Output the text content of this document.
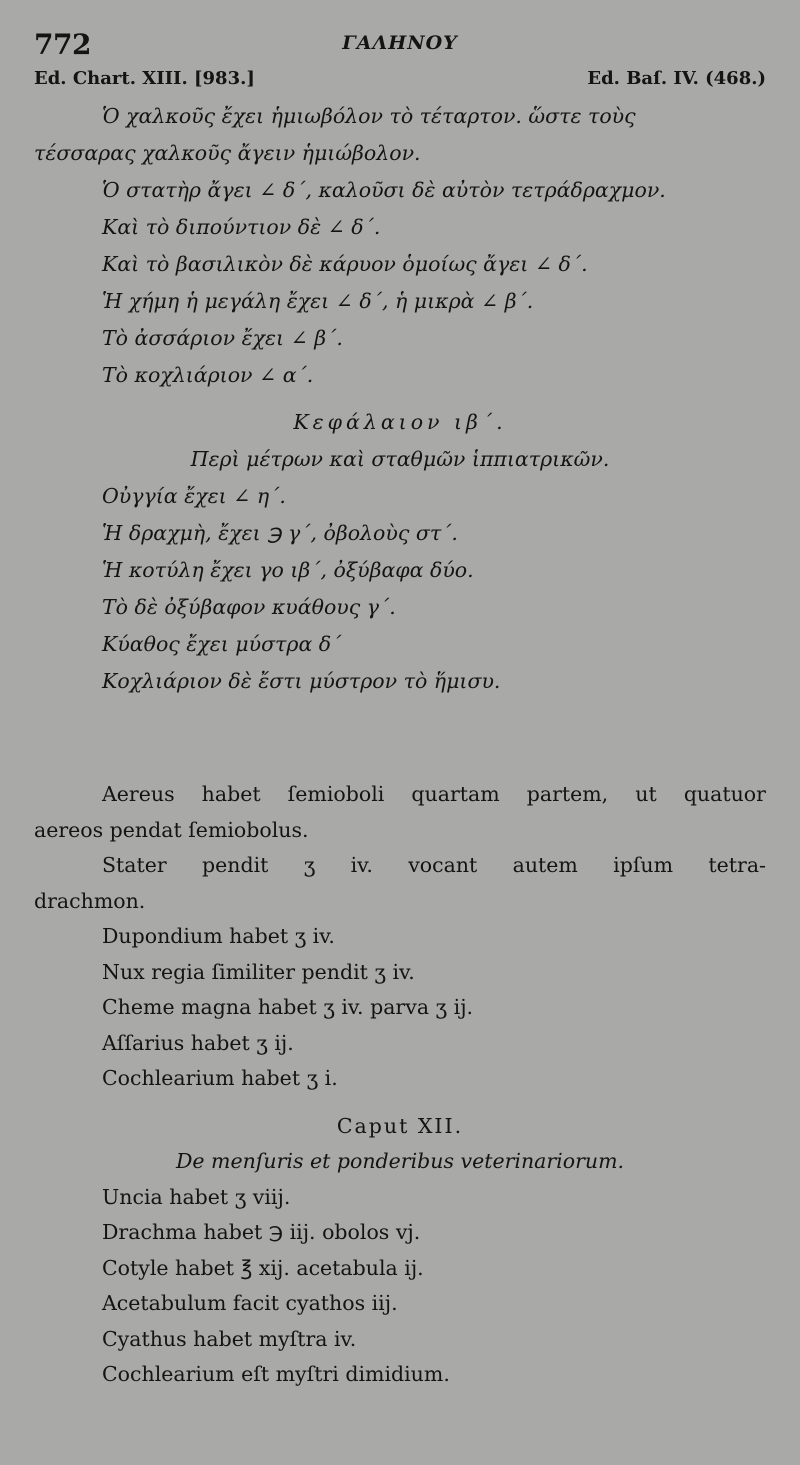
772	ΓΑΛΗΝΟΥ
Ed. Chart. XIII. [983.]	Ed. Baſ. IV. (468.)
Ὁ χαλκοῦς ἔχει ἡμιωβόλον τὸ τέταρτον. ὥστε τοὺς
τέσσαρας χαλκοῦς ἄγειν ἡμιώβολον.
Ὁ στατὴρ ἄγει ∠ δ΄, καλοῦσι δὲ αὐτὸν τετράδραχμον.
Καὶ τὸ διπούντιον δὲ ∠ δ΄.
Καὶ τὸ βασιλικὸν δὲ κάρυον ὁμοίως ἄγει ∠ δ΄.
Ἡ χήμη ἡ μεγάλη ἔχει ∠ δ΄, ἡ μικρὰ ∠ β΄.
Τὸ ἀσσάριον ἔχει ∠ β΄.
Τὸ κοχλιάριον ∠ α΄.
Κεφάλαιον ιβ΄.
Περὶ μέτρων καὶ σταθμῶν ἱππιατρικῶν.
Οὐγγία ἔχει ∠ η΄.
Ἡ δραχμὴ, ἔχει ℈ γ΄, ὀβολοὺς στ΄.
Ἡ κοτύλη ἔχει γο ιβ΄, ὀξύβαφα δύο.
Τὸ δὲ ὀξύβαφον κυάθους γ΄.
Κύαθος ἔχει μύστρα δ΄
Κοχλιάριον δὲ ἔστι μύστρον τὸ ἥμισυ.
Aereus habet ſemioboli quartam partem, ut quatuor
aereos pendat ſemiobolus.
Stater pendit ʒ iv. vocant autem ipſum tetra-
drachmon.
Dupondium habet ʒ iv.
Nux regia ſimiliter pendit ʒ iv.
Cheme magna habet ʒ iv. parva ʒ ij.
Aſſarius habet ʒ ij.
Cochlearium habet ʒ i.
Caput XII.
De menſuris et ponderibus veterinariorum.
Uncia habet ʒ viij.
Drachma habet ℈ iij. obolos vj.
Cotyle habet ℥ xij. acetabula ij.
Acetabulum facit cyathos iij.
Cyathus habet myſtra iv.
Cochlearium eſt myſtri dimidium.
